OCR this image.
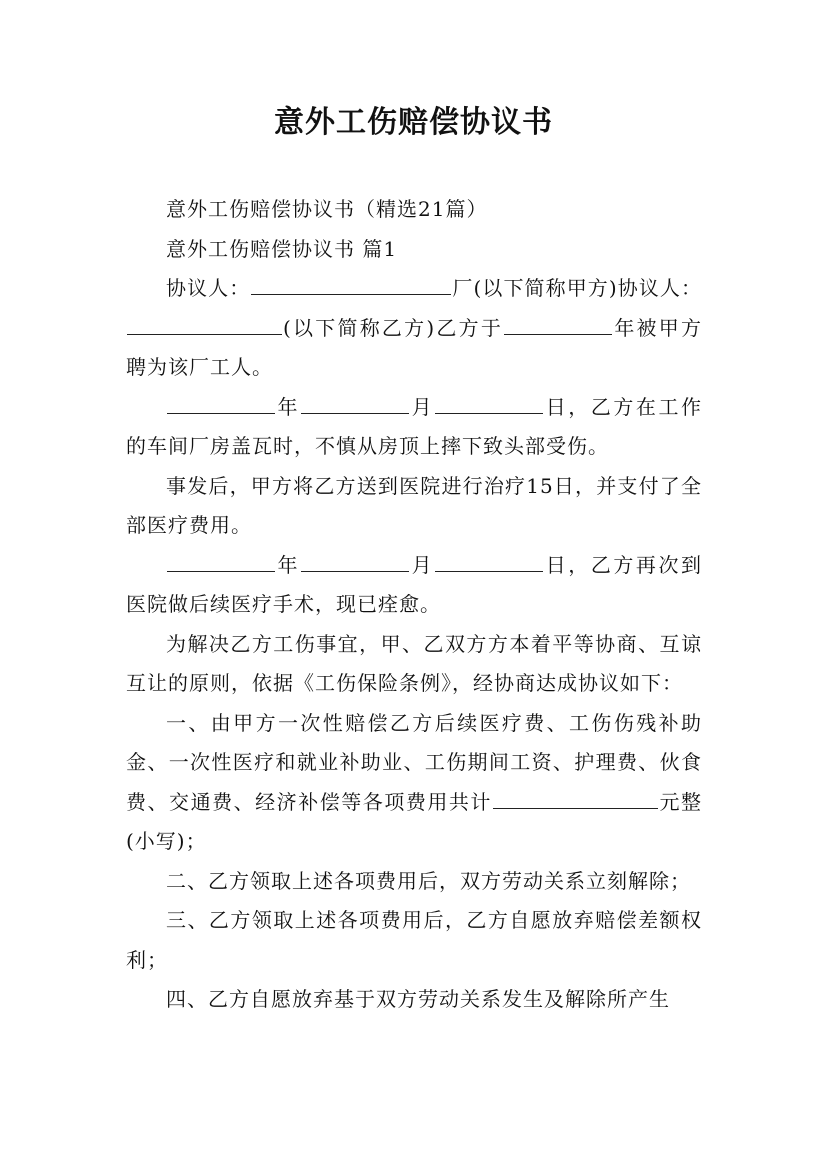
意外工伤赔偿协议书

意外工伤赔偿协议书（精选21篇）

意外工伤赔偿协议书 篇1

协议人：	厂(以下简称甲方)协议人：(以下简称乙方)乙方于	年被甲方聘为该厂工人。

年	月	日，乙方在工作的车间厂房盖瓦时，不慎从房顶上摔下致头部受伤。

事发后，甲方将乙方送到医院进行治疗15日，并支付了全部医疗费用。

年	月	日，乙方再次到医院做后续医疗手术，现已痊愈。

为解决乙方工伤事宜，甲、乙双方方本着平等协商、互谅互让的原则，依据《工伤保险条例》，经协商达成协议如下：

一、由甲方一次性赔偿乙方后续医疗费、工伤伤残补助金、一次性医疗和就业补助业、工伤期间工资、护理费、伙食费、交通费、经济补偿等各项费用共计	元整(小写)；

二、乙方领取上述各项费用后，双方劳动关系立刻解除；

三、乙方领取上述各项费用后，乙方自愿放弃赔偿差额权利；

四、乙方自愿放弃基于双方劳动关系发生及解除所产生
